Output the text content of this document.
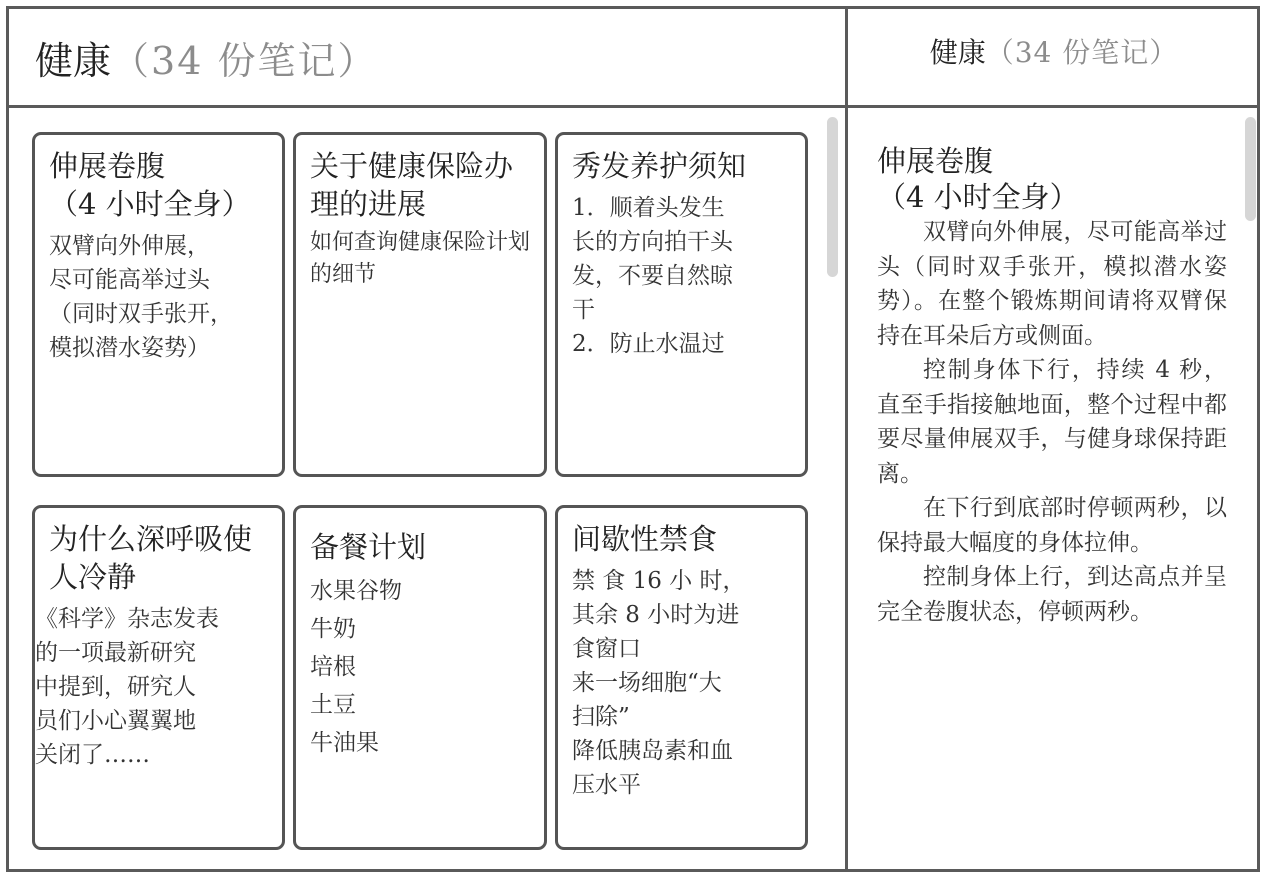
健康（34 份笔记）	健康（34 份笔记）
伸展卷腹
（4 小时全身）
双臂向外伸展，
尽可能高举过头
（同时双手张开，
模拟潜水姿势）
关于健康保险办理的进展
如何查询健康保险计划的细节
秀发养护须知
1．顺着头发生
长的方向拍干头
发，不要自然晾
干
2．防止水温过
为什么深呼吸使人冷静
《科学》杂志发表
的一项最新研究
中提到，研究人
员们小心翼翼地
关闭了……
备餐计划
水果谷物
牛奶
培根
土豆
牛油果
间歇性禁食
禁 食 16 小 时，
其余 8 小时为进
食窗口
来一场细胞“大
扫除”
降低胰岛素和血
压水平
伸展卷腹
（4 小时全身）

双臂向外伸展，尽可能高举过头（同时双手张开，模拟潜水姿势）。在整个锻炼期间请将双臂保持在耳朵后方或侧面。

控制身体下行，持续 4 秒，直至手指接触地面，整个过程中都要尽量伸展双手，与健身球保持距离。

在下行到底部时停顿两秒，以保持最大幅度的身体拉伸。

控制身体上行，到达高点并呈完全卷腹状态，停顿两秒。
